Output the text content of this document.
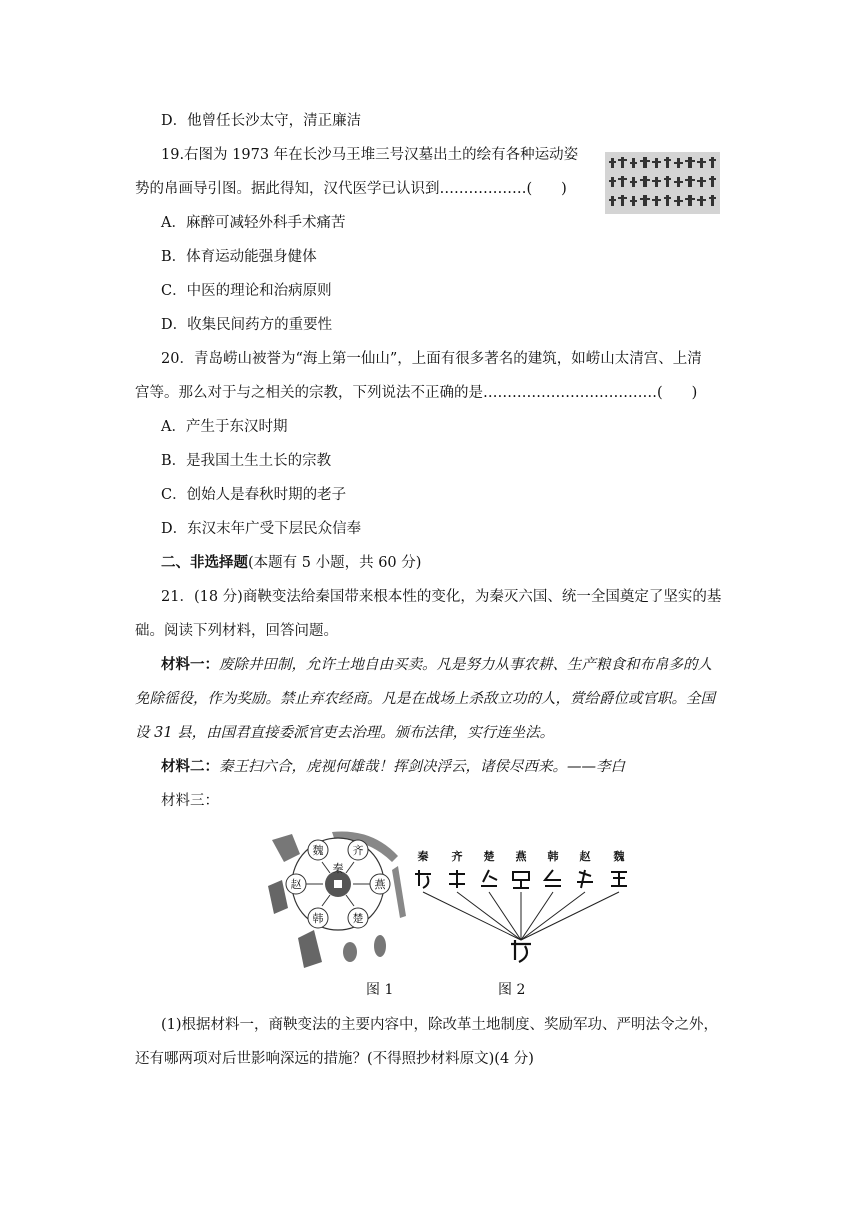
D．他曾任长沙太守，清正廉洁
19.右图为 1973 年在长沙马王堆三号汉墓出土的绘有各种运动姿
势的帛画导引图。据此得知，汉代医学已认识到………………(　　)
A．麻醉可减轻外科手术痛苦
B．体育运动能强身健体
C．中医的理论和治病原则
D．收集民间药方的重要性
20．青岛崂山被誉为“海上第一仙山”，上面有很多著名的建筑，如崂山太清宫、上清
宫等。那么对于与之相关的宗教，下列说法不正确的是………………………………(　　)
A．产生于东汉时期
B．是我国土生土长的宗教
C．创始人是春秋时期的老子
D．东汉末年广受下层民众信奉
二、非选择题(本题有 5 小题，共 60 分)
21．(18 分)商鞅变法给秦国带来根本性的变化，为秦灭六国、统一全国奠定了坚实的基
础。阅读下列材料，回答问题。
材料一：废除井田制，允许土地自由买卖。凡是努力从事农耕、生产粮食和布帛多的人
免除徭役，作为奖励。禁止弃农经商。凡是在战场上杀敌立功的人，赏给爵位或官职。全国
设 31 县，由国君直接委派官吏去治理。颁布法律，实行连坐法。
材料二：秦王扫六合，虎视何雄哉！挥剑决浮云，诸侯尽西来。——李白
材料三：
秦
齐
燕
楚
韩
赵
魏	秦 齐 楚 燕 韩 赵 魏
图 1	图 2
(1)根据材料一，商鞅变法的主要内容中，除改革土地制度、奖励军功、严明法令之外，
还有哪两项对后世影响深远的措施？(不得照抄材料原文)(4 分)
